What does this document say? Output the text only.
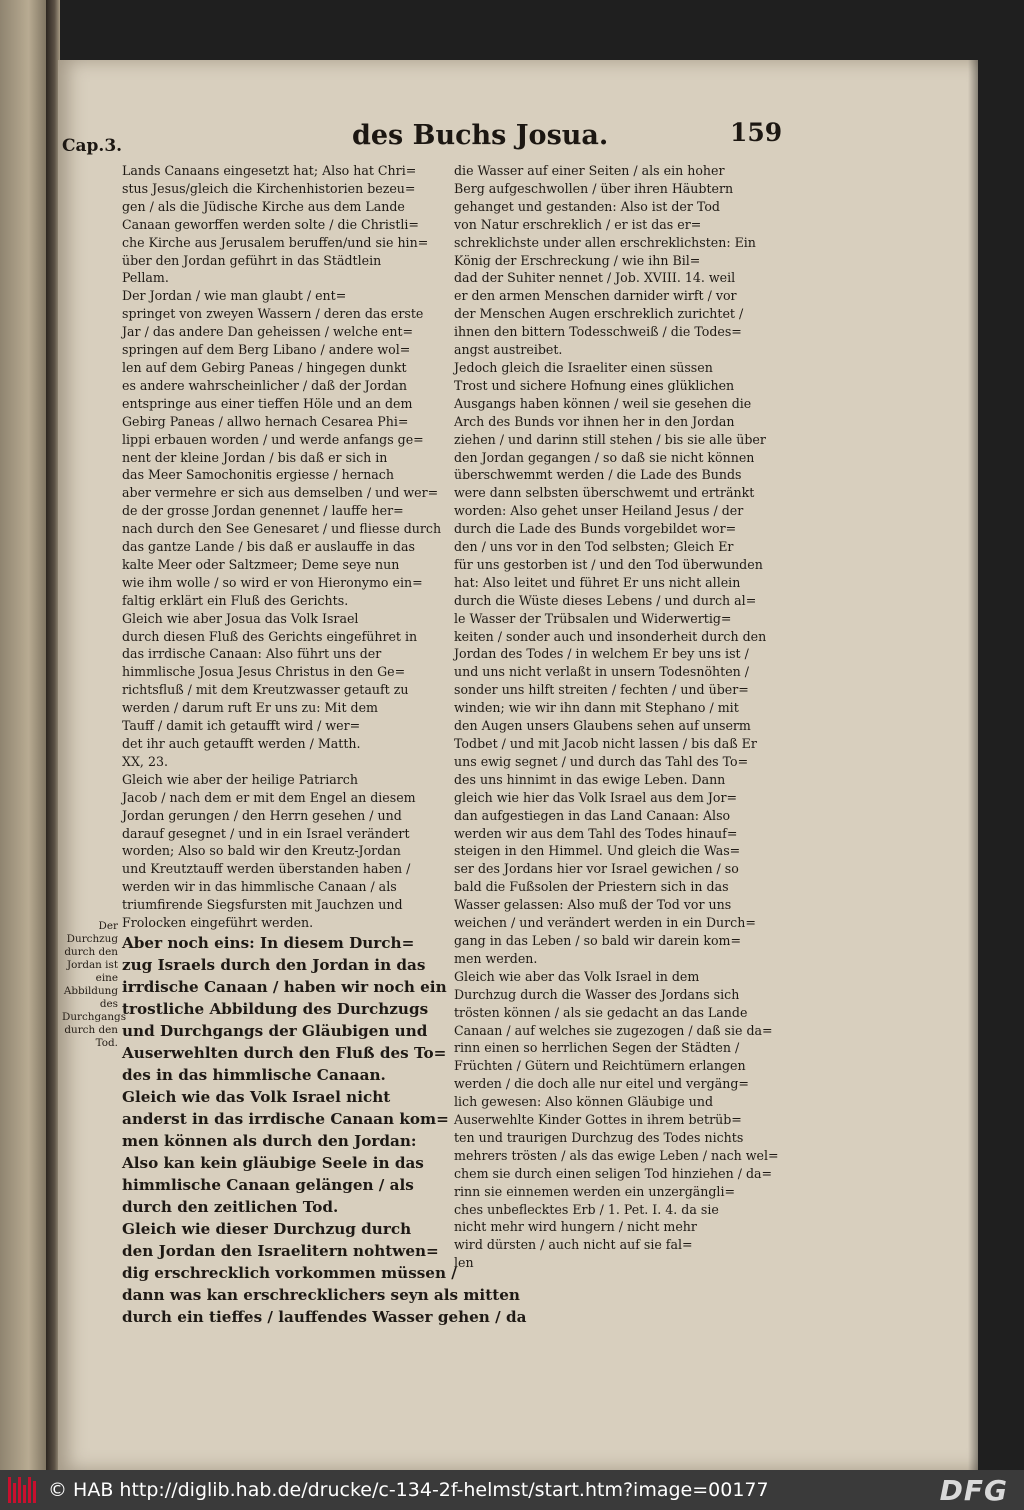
Cap.3.	des Buchs Josua.	159

Lands Canaans eingesetzt hat; Also hat Chri=
stus Jesus/gleich die Kirchenhistorien bezeu=
gen / als die Jüdische Kirche aus dem Lande
Canaan geworffen werden solte / die Christli=
che Kirche aus Jerusalem beruffen/und sie hin=
über den Jordan geführt in das Städtlein
Pellam.
Der Jordan / wie man glaubt / ent=
springet von zweyen Wassern / deren das erste
Jar / das andere Dan geheissen / welche ent=
springen auf dem Berg Libano / andere wol=
len auf dem Gebirg Paneas / hingegen dunkt
es andere wahrscheinlicher / daß der Jordan
entspringe aus einer tieffen Höle und an dem
Gebirg Paneas / allwo hernach Cesarea Phi=
lippi erbauen worden / und werde anfangs ge=
nent der kleine Jordan / bis daß er sich in
das Meer Samochonitis ergiesse / hernach
aber vermehre er sich aus demselben / und wer=
de der grosse Jordan genennet / lauffe her=
nach durch den See Genesaret / und fliesse durch
das gantze Lande / bis daß er auslauffe in das
kalte Meer oder Saltzmeer; Deme seye nun
wie ihm wolle / so wird er von Hieronymo ein=
faltig erklärt ein Fluß des Gerichts.
Gleich wie aber Josua das Volk Israel
durch diesen Fluß des Gerichts eingeführet in
das irrdische Canaan: Also führt uns der
himmlische Josua Jesus Christus in den Ge=
richtsfluß / mit dem Kreutzwasser getauft zu
werden / darum ruft Er uns zu: Mit dem
Tauff / damit ich getaufft wird / wer=
det ihr auch getaufft werden / Matth.
XX, 23.
Gleich wie aber der heilige Patriarch
Jacob / nach dem er mit dem Engel an diesem
Jordan gerungen / den Herrn gesehen / und
darauf gesegnet / und in ein Israel verändert
worden; Also so bald wir den Kreutz-Jordan
und Kreutztauff werden überstanden haben /
werden wir in das himmlische Canaan / als
triumfirende Siegsfursten mit Jauchzen und
Frolocken eingeführt werden.
Aber noch eins: In diesem Durch=
zug Israels durch den Jordan in das
irrdische Canaan / haben wir noch ein
trostliche Abbildung des Durchzugs
und Durchgangs der Gläubigen und
Auserwehlten durch den Fluß des To=
des in das himmlische Canaan.
Gleich wie das Volk Israel nicht
anderst in das irrdische Canaan kom=
men können als durch den Jordan:
Also kan kein gläubige Seele in das
himmlische Canaan gelängen / als
durch den zeitlichen Tod.
Gleich wie dieser Durchzug durch
den Jordan den Israelitern nohtwen=
dig erschrecklich vorkommen müssen /
dann was kan erschrecklichers seyn als mitten
durch ein tieffes / lauffendes Wasser gehen / da
die Wasser auf einer Seiten / als ein hoher
Berg aufgeschwollen / über ihren Häubtern
gehanget und gestanden: Also ist der Tod
von Natur erschreklich / er ist das er=
schreklichste under allen erschreklichsten: Ein
König der Erschreckung / wie ihn Bil=
dad der Suhiter nennet / Job. XVIII. 14. weil
er den armen Menschen darnider wirft / vor
der Menschen Augen erschreklich zurichtet /
ihnen den bittern Todesschweiß / die Todes=
angst austreibet.
Jedoch gleich die Israeliter einen süssen
Trost und sichere Hofnung eines glüklichen
Ausgangs haben können / weil sie gesehen die
Arch des Bunds vor ihnen her in den Jordan
ziehen / und darinn still stehen / bis sie alle über
den Jordan gegangen / so daß sie nicht können
überschwemmt werden / die Lade des Bunds
were dann selbsten überschwemt und ertränkt
worden: Also gehet unser Heiland Jesus / der
durch die Lade des Bunds vorgebildet wor=
den / uns vor in den Tod selbsten; Gleich Er
für uns gestorben ist / und den Tod überwunden
hat: Also leitet und führet Er uns nicht allein
durch die Wüste dieses Lebens / und durch al=
le Wasser der Trübsalen und Widerwertig=
keiten / sonder auch und insonderheit durch den
Jordan des Todes / in welchem Er bey uns ist /
und uns nicht verlaßt in unsern Todesnöhten /
sonder uns hilft streiten / fechten / und über=
winden; wie wir ihn dann mit Stephano / mit
den Augen unsers Glaubens sehen auf unserm
Todbet / und mit Jacob nicht lassen / bis daß Er
uns ewig segnet / und durch das Tahl des To=
des uns hinnimt in das ewige Leben. Dann
gleich wie hier das Volk Israel aus dem Jor=
dan aufgestiegen in das Land Canaan: Also
werden wir aus dem Tahl des Todes hinauf=
steigen in den Himmel. Und gleich die Was=
ser des Jordans hier vor Israel gewichen / so
bald die Fußsolen der Priestern sich in das
Wasser gelassen: Also muß der Tod vor uns
weichen / und verändert werden in ein Durch=
gang in das Leben / so bald wir darein kom=
men werden.
Gleich wie aber das Volk Israel in dem
Durchzug durch die Wasser des Jordans sich
trösten können / als sie gedacht an das Lande
Canaan / auf welches sie zugezogen / daß sie da=
rinn einen so herrlichen Segen der Städten /
Früchten / Gütern und Reichtümern erlangen
werden / die doch alle nur eitel und vergäng=
lich gewesen: Also können Gläubige und
Auserwehlte Kinder Gottes in ihrem betrüb=
ten und traurigen Durchzug des Todes nichts
mehrers trösten / als das ewige Leben / nach wel=
chem sie durch einen seligen Tod hinziehen / da=
rinn sie einnemen werden ein unzergängli=
ches unbeflecktes Erb / 1. Pet. I. 4. da sie
nicht mehr wird hungern / nicht mehr
wird dürsten / auch nicht auf sie fal=
len
Der Durchzug durch den Jordan ist eine Abbildung des Durchgangs durch den Tod.
© HAB http://diglib.hab.de/drucke/c-134-2f-helmst/start.htm?image=00177	DFG
